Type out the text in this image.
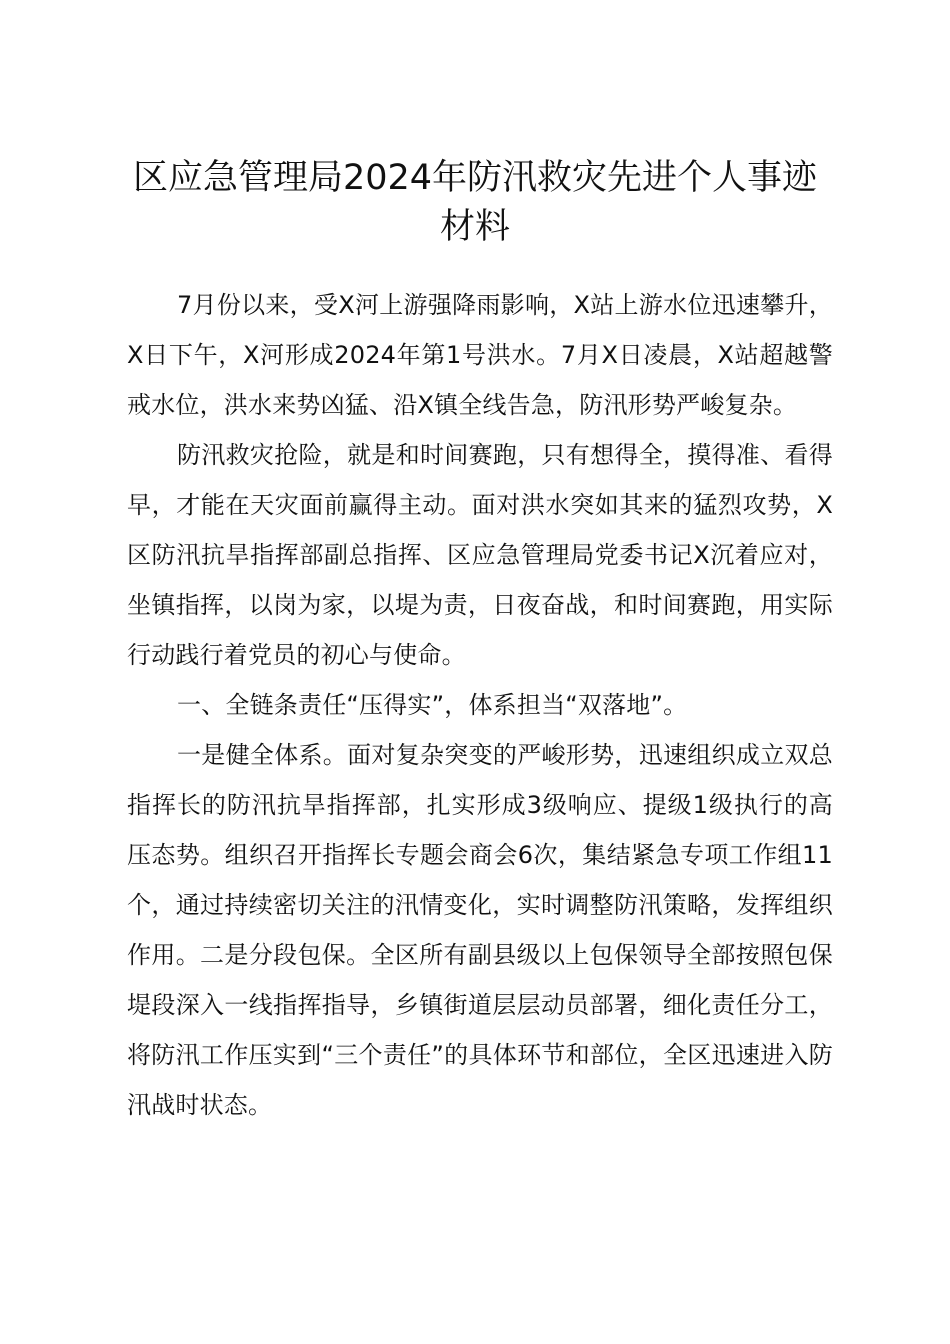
区应急管理局2024年防汛救灾先进个人事迹
材料

7月份以来，受X河上游强降雨影响，X站上游水位迅速攀升，X日下午，X河形成2024年第1号洪水。7月X日凌晨，X站超越警戒水位，洪水来势凶猛、沿X镇全线告急，防汛形势严峻复杂。

防汛救灾抢险，就是和时间赛跑，只有想得全，摸得准、看得早，才能在天灾面前赢得主动。面对洪水突如其来的猛烈攻势，X区防汛抗旱指挥部副总指挥、区应急管理局党委书记X沉着应对，坐镇指挥，以岗为家，以堤为责，日夜奋战，和时间赛跑，用实际行动践行着党员的初心与使命。

一、全链条责任“压得实”，体系担当“双落地”。

一是健全体系。面对复杂突变的严峻形势，迅速组织成立双总指挥长的防汛抗旱指挥部，扎实形成3级响应、提级1级执行的高压态势。组织召开指挥长专题会商会6次，集结紧急专项工作组11个，通过持续密切关注的汛情变化，实时调整防汛策略，发挥组织作用。二是分段包保。全区所有副县级以上包保领导全部按照包保堤段深入一线指挥指导，乡镇街道层层动员部署，细化责任分工，将防汛工作压实到“三个责任”的具体环节和部位，全区迅速进入防汛战时状态。
